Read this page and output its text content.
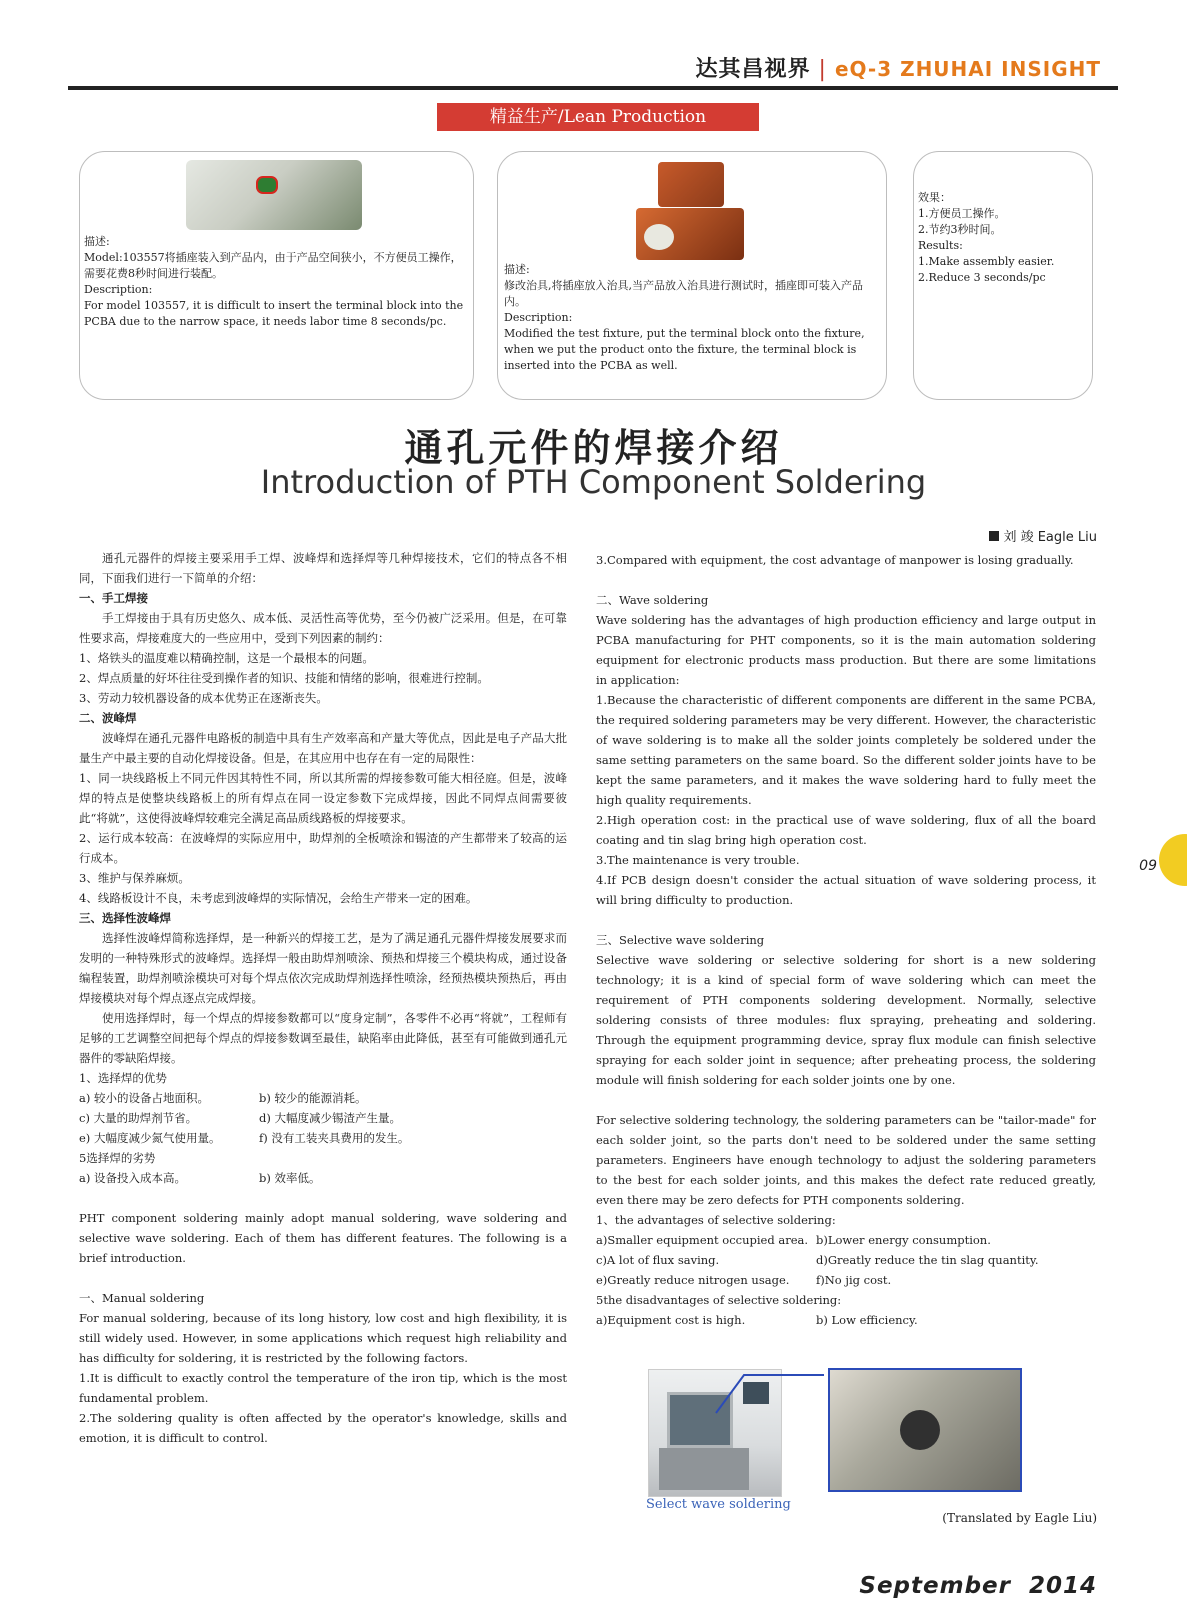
达其昌视界 | eQ-3 ZHUHAI INSIGHT
精益生产/Lean Production
描述:
Model:103557将插座装入到产品内，由于产品空间狭小，不方便员工操作，需要花费8秒时间进行装配。
Description:
For model 103557, it is difficult to insert the terminal block into the PCBA due to the narrow space, it needs labor time 8 seconds/pc.
描述:
修改治具,将插座放入治具,当产品放入治具进行测试时，插座即可装入产品内。
Description:
Modified the test fixture, put the terminal block onto the fixture, when we put the product onto the fixture, the terminal block is inserted into the PCBA as well.
效果：
1.方便员工操作。
2.节约3秒时间。
Results:
1.Make assembly easier.
2.Reduce 3 seconds/pc
通孔元件的焊接介绍
Introduction of PTH Component Soldering
刘 竣 Eagle Liu

通孔元器件的焊接主要采用手工焊、波峰焊和选择焊等几种焊接技术，它们的特点各不相同，下面我们进行一下简单的介绍：

一、手工焊接

手工焊接由于具有历史悠久、成本低、灵活性高等优势，至今仍被广泛采用。但是，在可靠性要求高，焊接难度大的一些应用中，受到下列因素的制约：

1、烙铁头的温度难以精确控制，这是一个最根本的问题。

2、焊点质量的好坏往往受到操作者的知识、技能和情绪的影响，很难进行控制。

3、劳动力较机器设备的成本优势正在逐渐丧失。

二、波峰焊

波峰焊在通孔元器件电路板的制造中具有生产效率高和产量大等优点，因此是电子产品大批量生产中最主要的自动化焊接设备。但是，在其应用中也存在有一定的局限性：

1、同一块线路板上不同元件因其特性不同，所以其所需的焊接参数可能大相径庭。但是，波峰焊的特点是使整块线路板上的所有焊点在同一设定参数下完成焊接，因此不同焊点间需要彼此“将就”，这使得波峰焊较难完全满足高品质线路板的焊接要求。

2、运行成本较高：在波峰焊的实际应用中，助焊剂的全板喷涂和锡渣的产生都带来了较高的运行成本。

3、维护与保养麻烦。

4、线路板设计不良，未考虑到波峰焊的实际情况，会给生产带来一定的困难。

三、选择性波峰焊

选择性波峰焊简称选择焊，是一种新兴的焊接工艺，是为了满足通孔元器件焊接发展要求而发明的一种特殊形式的波峰焊。选择焊一般由助焊剂喷涂、预热和焊接三个模块构成，通过设备编程装置，助焊剂喷涂模块可对每个焊点依次完成助焊剂选择性喷涂，经预热模块预热后，再由焊接模块对每个焊点逐点完成焊接。

使用选择焊时，每一个焊点的焊接参数都可以“度身定制”，各零件不必再“将就”，工程师有足够的工艺调整空间把每个焊点的焊接参数调至最佳，缺陷率由此降低，甚至有可能做到通孔元器件的零缺陷焊接。

1、选择焊的优势

a) 较小的设备占地面积。	b) 较少的能源消耗。
c) 大量的助焊剂节省。	d) 大幅度减少锡渣产生量。
e) 大幅度减少氮气使用量。	f) 没有工装夹具费用的发生。

5选择焊的劣势

a) 设备投入成本高。	b) 效率低。

PHT component soldering mainly adopt manual soldering, wave soldering and selective wave soldering. Each of them has different features. The following is a brief introduction.

一、Manual soldering

For manual soldering, because of its long history, low cost and high flexibility, it is still widely used. However, in some applications which request high reliability and has difficulty for soldering, it is restricted by the following factors.

1.It is difficult to exactly control the temperature of the iron tip, which is the most fundamental problem.

2.The soldering quality is often affected by the operator's knowledge, skills and emotion, it is difficult to control.

3.Compared with equipment, the cost advantage of manpower is losing gradually.

二、Wave soldering

Wave soldering has the advantages of high production efficiency and large output in PCBA manufacturing for PHT components, so it is the main automation soldering equipment for electronic products mass production. But there are some limitations in application:

1.Because the characteristic of different components are different in the same PCBA, the required soldering parameters may be very different. However, the characteristic of wave soldering is to make all the solder joints completely be soldered under the same setting parameters on the same board. So the different solder joints have to be kept the same parameters, and it makes the wave soldering hard to fully meet the high quality requirements.

2.High operation cost: in the practical use of wave soldering, flux of all the board coating and tin slag bring high operation cost.

3.The maintenance is very trouble.

4.If PCB design doesn't consider the actual situation of wave soldering process, it will bring difficulty to production.

三、Selective wave soldering

Selective wave soldering or selective soldering for short is a new soldering technology; it is a kind of special form of wave soldering which can meet the requirement of PTH components soldering development. Normally, selective soldering consists of three modules: flux spraying, preheating and soldering. Through the equipment programming device, spray flux module can finish selective spraying for each solder joint in sequence; after preheating process, the soldering module will finish soldering for each solder joints one by one.

For selective soldering technology, the soldering parameters can be "tailor-made" for each solder joint, so the parts don't need to be soldered under the same setting parameters. Engineers have enough technology to adjust the soldering parameters to the best for each solder joints, and this makes the defect rate reduced greatly, even there may be zero defects for PTH components soldering.

1、the advantages of selective soldering:

a)Smaller equipment occupied area. b)Lower energy consumption.
c)A lot of flux saving.	d)Greatly reduce the tin slag quantity.
e)Greatly reduce nitrogen usage.	f)No jig cost.

5the disadvantages of selective soldering:

a)Equipment cost is high.	b) Low efficiency.
Select wave soldering
(Translated by Eagle Liu)
09
September  2014
